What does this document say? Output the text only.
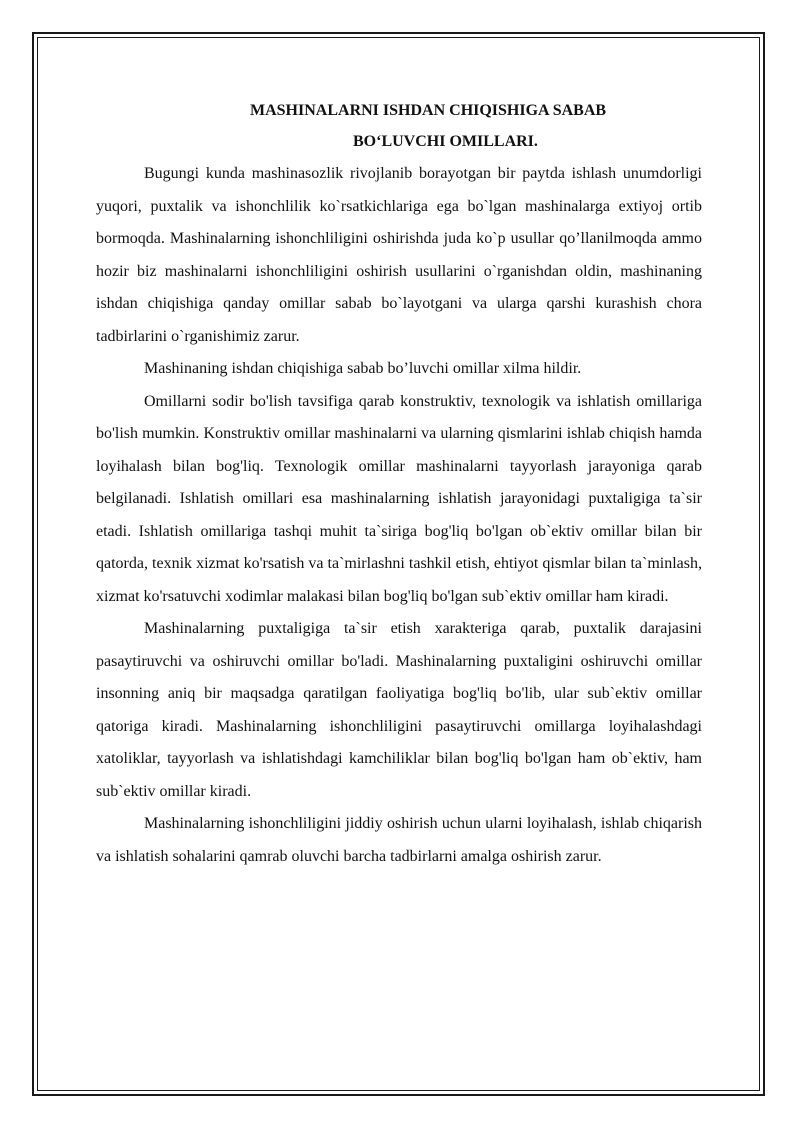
MASHINALARNI ISHDAN CHIQISHIGA SABAB
BO‘LUVCHI OMILLARI.

Bugungi kunda mashinasozlik rivojlanib borayotgan bir paytda ishlash unumdorligi yuqori, puxtalik va ishonchlilik ko`rsatkichlariga ega bo`lgan mashinalarga extiyoj ortib bormoqda. Mashinalarning ishonchliligini oshirishda juda ko`p usullar qo’llanilmoqda ammo hozir biz mashinalarni ishonchliligini oshirish usullarini o`rganishdan oldin, mashinaning ishdan chiqishiga qanday omillar sabab bo`layotgani va ularga qarshi kurashish chora tadbirlarini o`rganishimiz zarur.

Mashinaning ishdan chiqishiga sabab bo’luvchi omillar xilma hildir.

Omillarni sodir bo'lish tavsifiga qarab konstruktiv, texnologik va ishlatish omillariga bo'lish mumkin. Konstruktiv omillar mashinalarni va ularning qismlarini ishlab chiqish hamda loyihalash bilan bog'liq. Texnologik omillar mashinalarni tayyorlash jarayoniga qarab belgilanadi. Ishlatish omillari esa mashinalarning ishlatish jarayonidagi puxtaligiga ta`sir etadi. Ishlatish omillariga tashqi muhit ta`siriga bog'liq bo'lgan ob`ektiv omillar bilan bir qatorda, texnik xizmat ko'rsatish va ta`mirlashni tashkil etish, ehtiyot qismlar bilan ta`minlash, xizmat ko'rsatuvchi xodimlar malakasi bilan bog'liq bo'lgan sub`ektiv omillar ham kiradi.

Mashinalarning puxtaligiga ta`sir etish xarakteriga qarab, puxtalik darajasini pasaytiruvchi va oshiruvchi omillar bo'ladi. Mashinalarning puxtaligini oshiruvchi omillar insonning aniq bir maqsadga qaratilgan faoliyatiga bog'liq bo'lib, ular sub`ektiv omillar qatoriga kiradi. Mashinalarning ishonchliligini pasaytiruvchi omillarga loyihalashdagi xatoliklar, tayyorlash va ishlatishdagi kamchiliklar bilan bog'liq bo'lgan ham ob`ektiv, ham sub`ektiv omillar kiradi.

Mashinalarning ishonchliligini jiddiy oshirish uchun ularni loyihalash, ishlab chiqarish va ishlatish sohalarini qamrab oluvchi barcha tadbirlarni amalga oshirish zarur.
